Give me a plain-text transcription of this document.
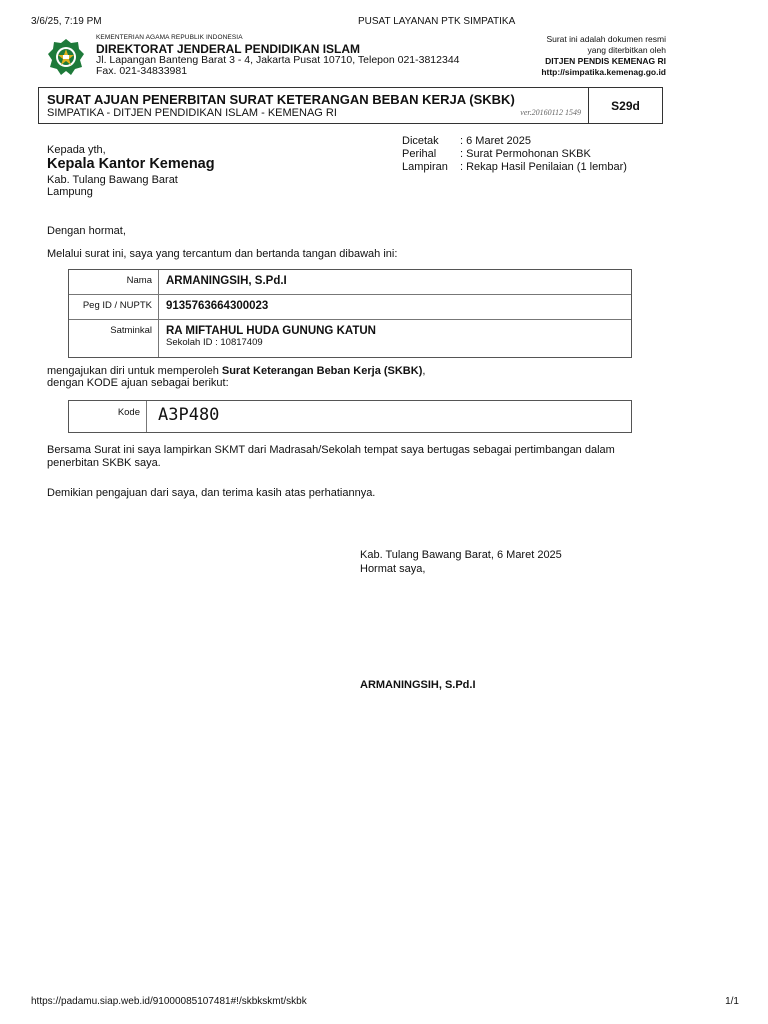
3/6/25, 7:19 PM	PUSAT LAYANAN PTK SIMPATIKA
KEMENTERIAN AGAMA REPUBLIK INDONESIA
DIREKTORAT JENDERAL PENDIDIKAN ISLAM
Jl. Lapangan Banteng Barat 3 - 4, Jakarta Pusat 10710, Telepon 021-3812344
Fax. 021-34833981
Surat ini adalah dokumen resmi
yang diterbitkan oleh
DITJEN PENDIS KEMENAG RI
http://simpatika.kemenag.go.id
SURAT AJUAN PENERBITAN SURAT KETERANGAN BEBAN KERJA (SKBK)
SIMPATIKA - DITJEN PENDIDIKAN ISLAM - KEMENAG RI	ver.20160112 1549	S29d
Kepada yth,
Kepala Kantor Kemenag
Kab. Tulang Bawang Barat
Lampung
Dicetak	: 6 Maret 2025
Perihal	: Surat Permohonan SKBK
Lampiran	: Rekap Hasil Penilaian (1 lembar)
Dengan hormat,
Melalui surat ini, saya yang tercantum dan bertanda tangan dibawah ini:
Nama	ARMANINGSIH, S.Pd.I
Peg ID / NUPTK	9135763664300023
Satminkal	RA MIFTAHUL HUDA GUNUNG KATUN
Sekolah ID : 10817409
mengajukan diri untuk memperoleh Surat Keterangan Beban Kerja (SKBK),
dengan KODE ajuan sebagai berikut:
Kode	A3P480
Bersama Surat ini saya lampirkan SKMT dari Madrasah/Sekolah tempat saya bertugas sebagai pertimbangan dalam
penerbitan SKBK saya.
Demikian pengajuan dari saya, dan terima kasih atas perhatiannya.
Kab. Tulang Bawang Barat, 6 Maret 2025
Hormat saya,
ARMANINGSIH, S.Pd.I
https://padamu.siap.web.id/91000085107481#!/skbkskmt/skbk	1/1
